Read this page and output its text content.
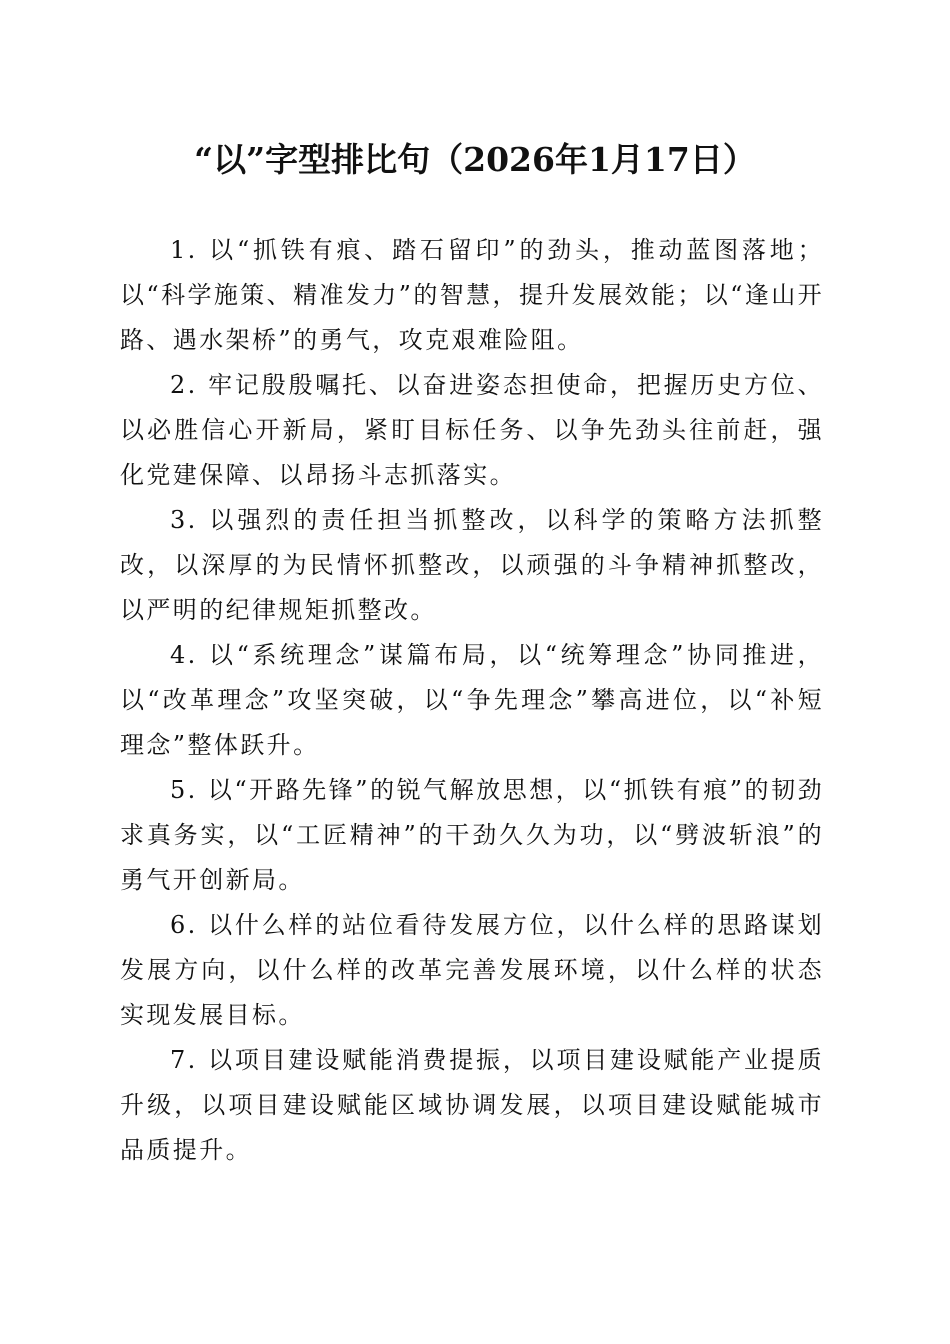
“以”字型排比句（2026年1月17日）

1. 以“抓铁有痕、踏石留印”的劲头，推动蓝图落地；以“科学施策、精准发力”的智慧，提升发展效能；以“逢山开路、遇水架桥”的勇气，攻克艰难险阻。

2. 牢记殷殷嘱托、以奋进姿态担使命，把握历史方位、以必胜信心开新局，紧盯目标任务、以争先劲头往前赶，强化党建保障、以昂扬斗志抓落实。

3. 以强烈的责任担当抓整改，以科学的策略方法抓整改，以深厚的为民情怀抓整改，以顽强的斗争精神抓整改，以严明的纪律规矩抓整改。

4. 以“系统理念”谋篇布局，以“统筹理念”协同推进，以“改革理念”攻坚突破，以“争先理念”攀高进位，以“补短理念”整体跃升。

5. 以“开路先锋”的锐气解放思想，以“抓铁有痕”的韧劲求真务实，以“工匠精神”的干劲久久为功，以“劈波斩浪”的勇气开创新局。

6. 以什么样的站位看待发展方位，以什么样的思路谋划发展方向，以什么样的改革完善发展环境，以什么样的状态实现发展目标。

7. 以项目建设赋能消费提振，以项目建设赋能产业提质升级，以项目建设赋能区域协调发展，以项目建设赋能城市品质提升。
